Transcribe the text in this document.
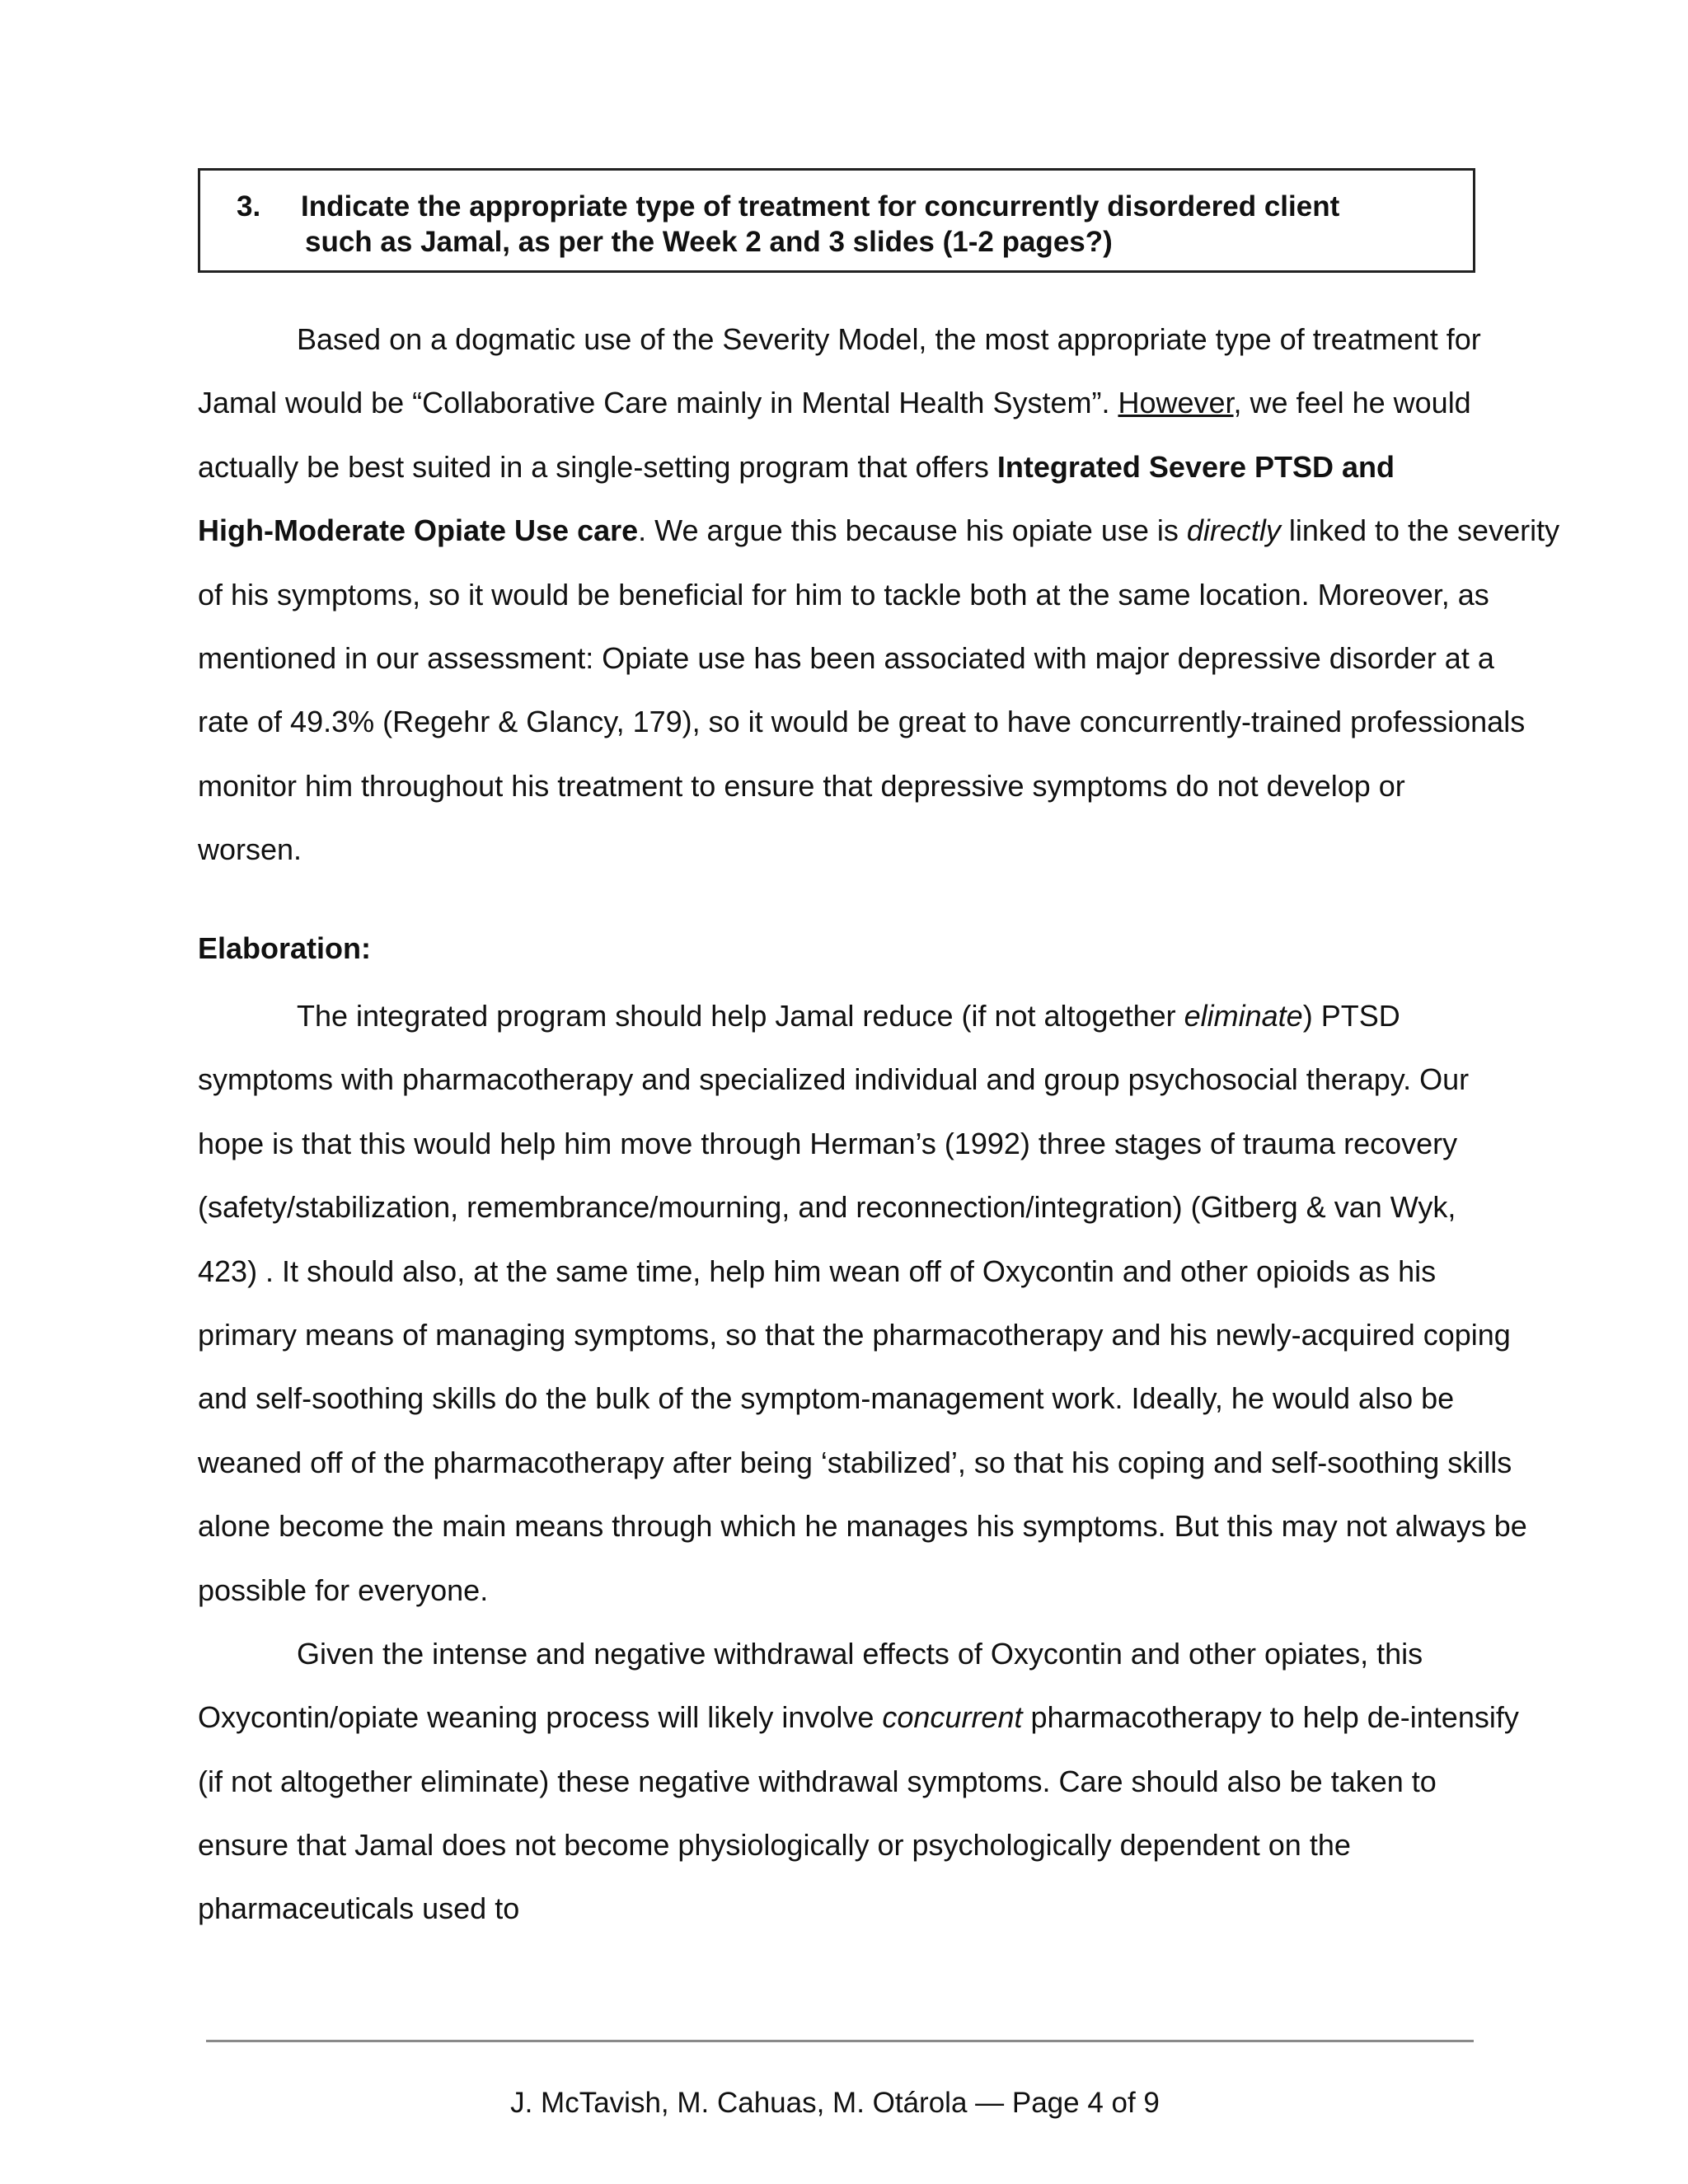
3. Indicate the appropriate type of treatment for concurrently disordered client
such as Jamal, as per the Week 2 and 3 slides (1-2 pages?)
Based on a dogmatic use of the Severity Model, the most appropriate type of treatment for
Jamal would be “Collaborative Care mainly in Mental Health System”. However, we feel he would
actually be best suited in a single-setting program that offers Integrated Severe PTSD and
High-Moderate Opiate Use care. We argue this because his opiate use is directly linked to the severity
of his symptoms, so it would be beneficial for him to tackle both at the same location. Moreover, as
mentioned in our assessment: Opiate use has been associated with major depressive disorder at a
rate of 49.3% (Regehr & Glancy, 179), so it would be great to have concurrently-trained professionals
monitor him throughout his treatment to ensure that depressive symptoms do not develop or
worsen.
Elaboration:
The integrated program should help Jamal reduce (if not altogether eliminate) PTSD
symptoms with pharmacotherapy and specialized individual and group psychosocial therapy. Our
hope is that this would help him move through Herman’s (1992) three stages of trauma recovery
(safety/stabilization, remembrance/mourning, and reconnection/integration) (Gitberg & van Wyk,
423) . It should also, at the same time, help him wean off of Oxycontin and other opioids as his
primary means of managing symptoms, so that the pharmacotherapy and his newly-acquired coping
and self-soothing skills do the bulk of the symptom-management work. Ideally, he would also be
weaned off of the pharmacotherapy after being ‘stabilized’, so that his coping and self-soothing skills
alone become the main means through which he manages his symptoms. But this may not always be
possible for everyone.
Given the intense and negative withdrawal effects of Oxycontin and other opiates, this
Oxycontin/opiate weaning process will likely involve concurrent pharmacotherapy to help de-intensify
(if not altogether eliminate) these negative withdrawal symptoms. Care should also be taken to
ensure that Jamal does not become physiologically or psychologically dependent on the
pharmaceuticals used to
J. McTavish, M. Cahuas, M. Otárola — Page 4 of 9
